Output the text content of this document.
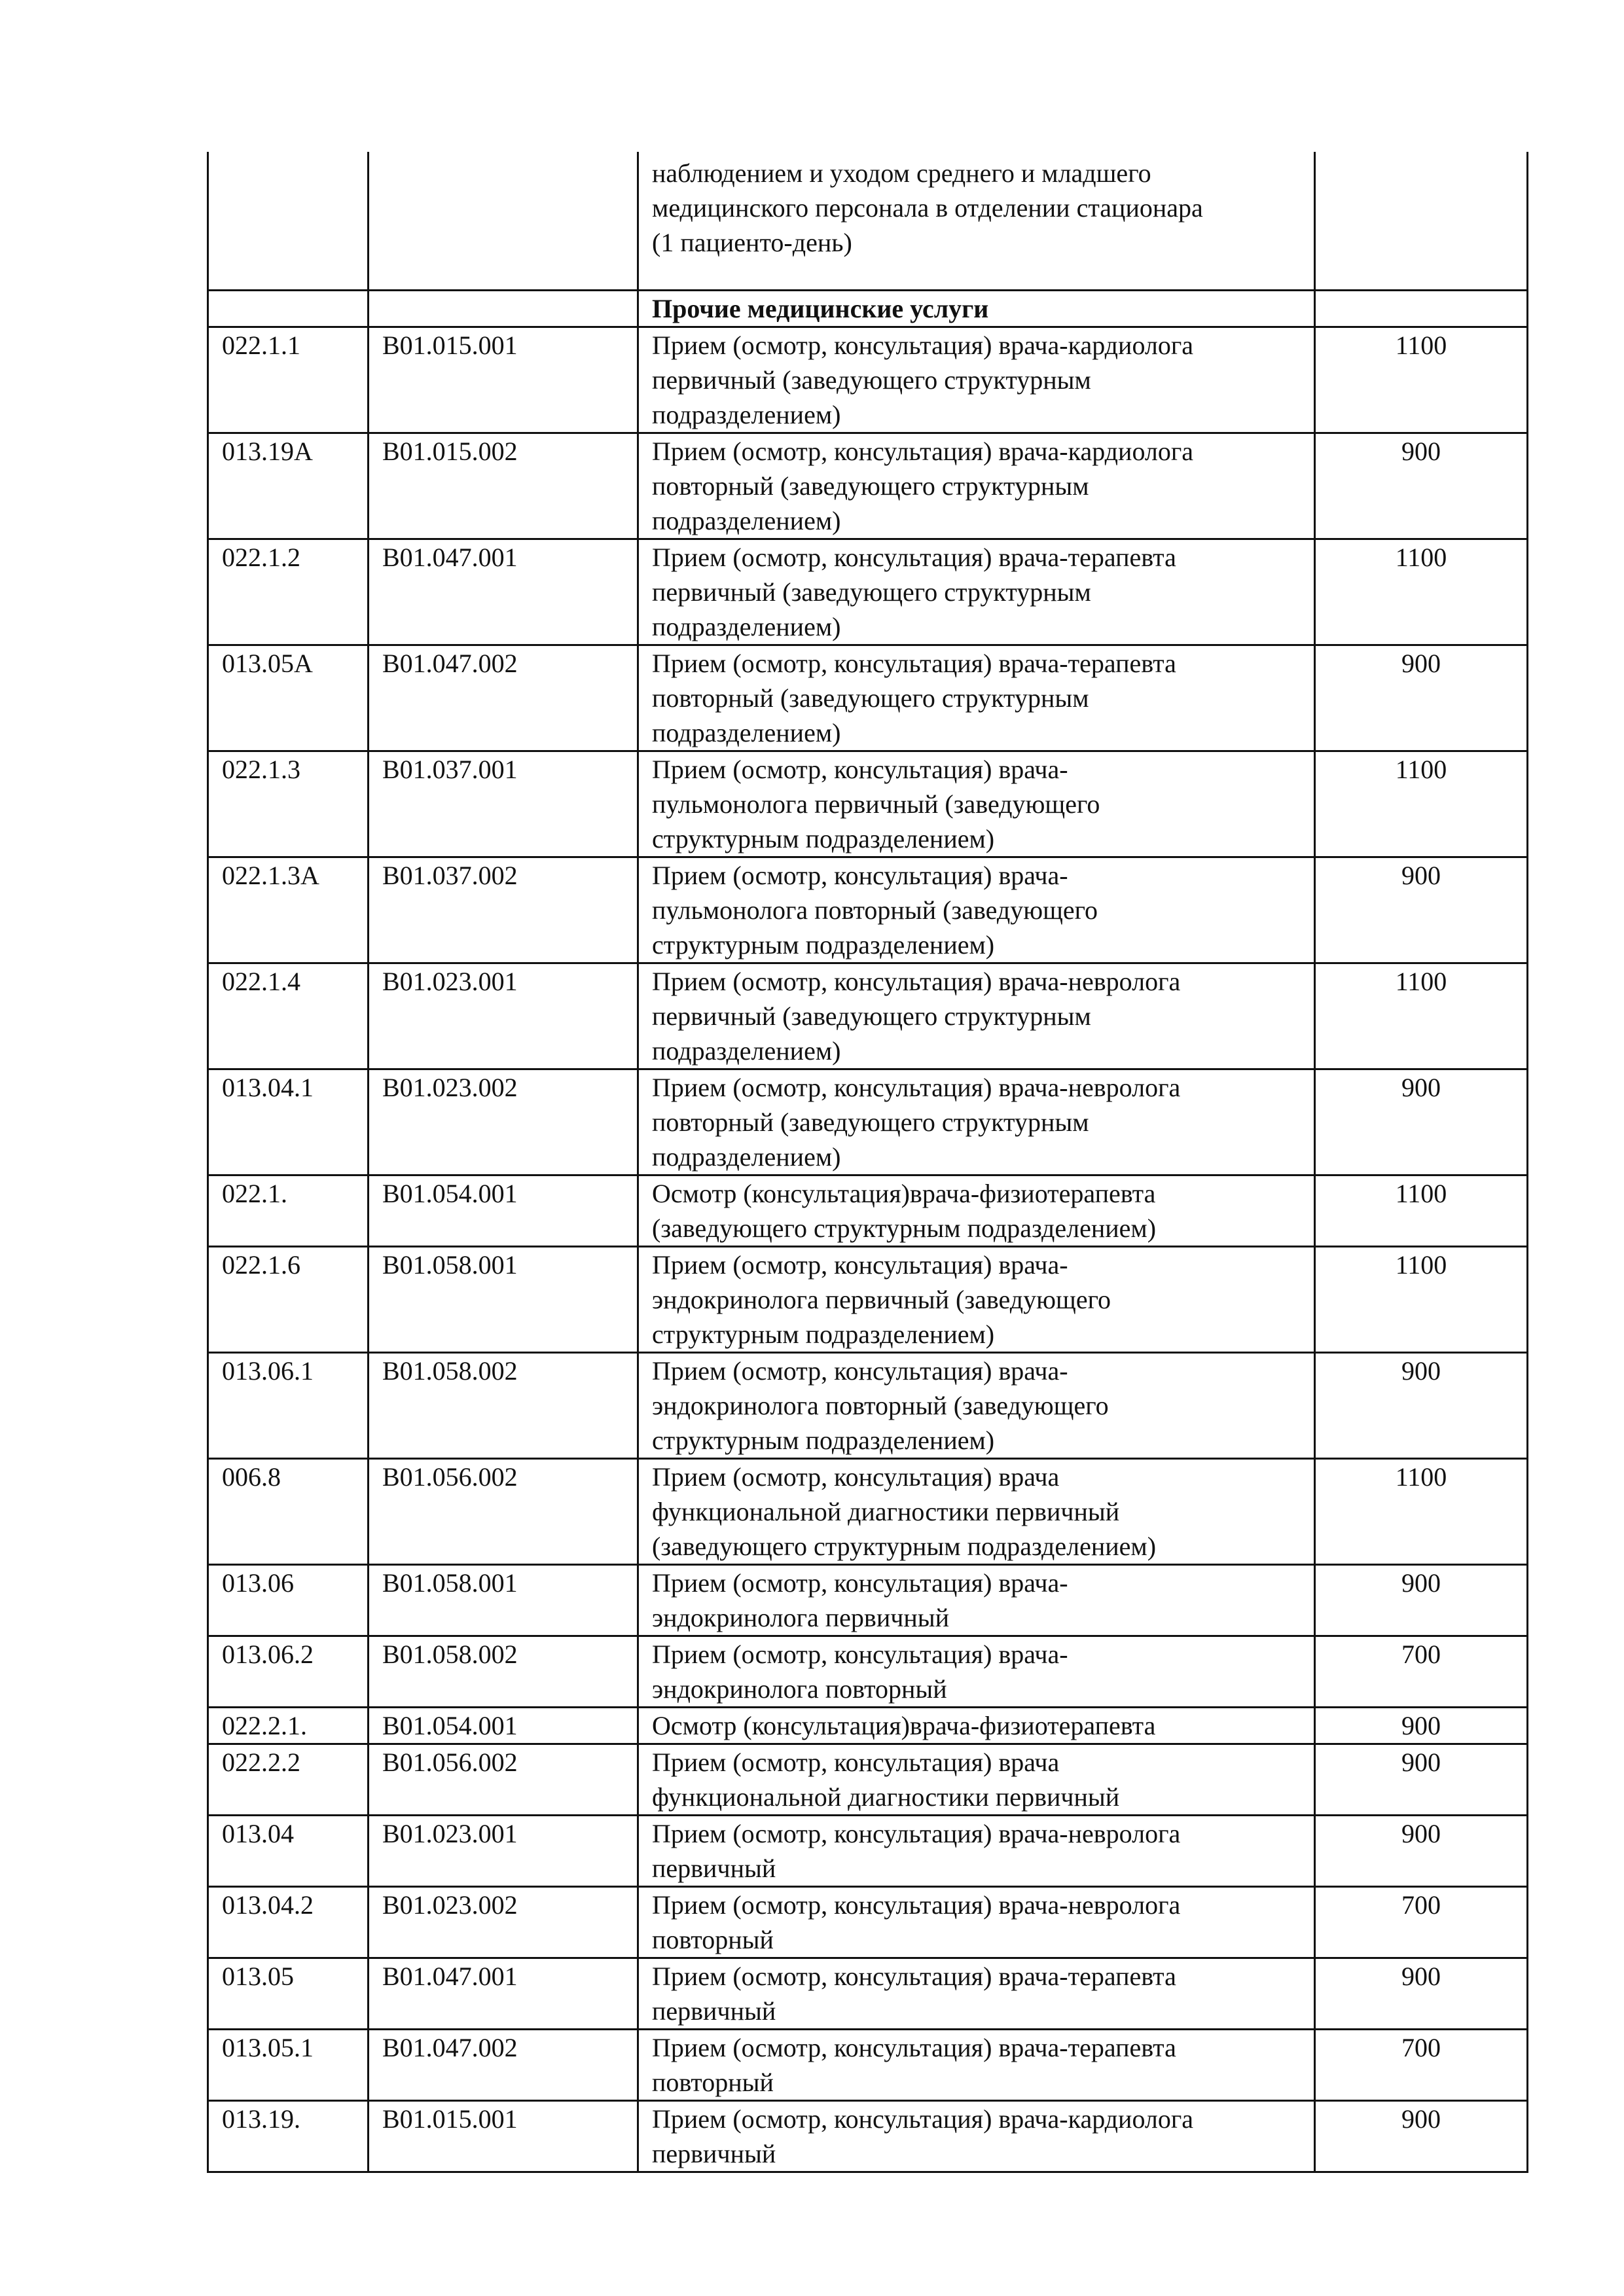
		наблюдением и уходом среднего и младшего
медицинского персонала в отделении стационара
(1 пациенто-день)	
		Прочие медицинские услуги	
022.1.1	B01.015.001	Прием (осмотр, консультация) врача-кардиолога
первичный (заведующего структурным
подразделением)	1100
013.19А	B01.015.002	Прием (осмотр, консультация) врача-кардиолога
повторный (заведующего структурным
подразделением)	900
022.1.2	B01.047.001	Прием (осмотр, консультация) врача-терапевта
первичный (заведующего структурным
подразделением)	1100
013.05А	B01.047.002	Прием (осмотр, консультация) врача-терапевта
повторный (заведующего структурным
подразделением)	900
022.1.3	B01.037.001	Прием (осмотр, консультация) врача-
пульмонолога первичный (заведующего
структурным подразделением)	1100
022.1.3А	B01.037.002	Прием (осмотр, консультация) врача-
пульмонолога повторный (заведующего
структурным подразделением)	900
022.1.4	B01.023.001	Прием (осмотр, консультация) врача-невролога
первичный (заведующего структурным
подразделением)	1100
013.04.1	B01.023.002	Прием (осмотр, консультация) врача-невролога
повторный (заведующего структурным
подразделением)	900
022.1.	B01.054.001	Осмотр (консультация)врача-физиотерапевта
(заведующего структурным подразделением)	1100
022.1.6	B01.058.001	Прием (осмотр, консультация) врача-
эндокринолога первичный (заведующего
структурным подразделением)	1100
013.06.1	B01.058.002	Прием (осмотр, консультация) врача-
эндокринолога повторный (заведующего
структурным подразделением)	900
006.8	B01.056.002	Прием (осмотр, консультация) врача
функциональной диагностики первичный
(заведующего структурным подразделением)	1100
013.06	B01.058.001	Прием (осмотр, консультация) врача-
эндокринолога первичный	900
013.06.2	B01.058.002	Прием (осмотр, консультация) врача-
эндокринолога повторный	700
022.2.1.	B01.054.001	Осмотр (консультация)врача-физиотерапевта	900
022.2.2	B01.056.002	Прием (осмотр, консультация) врача
функциональной диагностики первичный	900
013.04	B01.023.001	Прием (осмотр, консультация) врача-невролога
первичный	900
013.04.2	B01.023.002	Прием (осмотр, консультация) врача-невролога
повторный	700
013.05	B01.047.001	Прием (осмотр, консультация) врача-терапевта
первичный	900
013.05.1	B01.047.002	Прием (осмотр, консультация) врача-терапевта
повторный	700
013.19.	B01.015.001	Прием (осмотр, консультация) врача-кардиолога
первичный	900
